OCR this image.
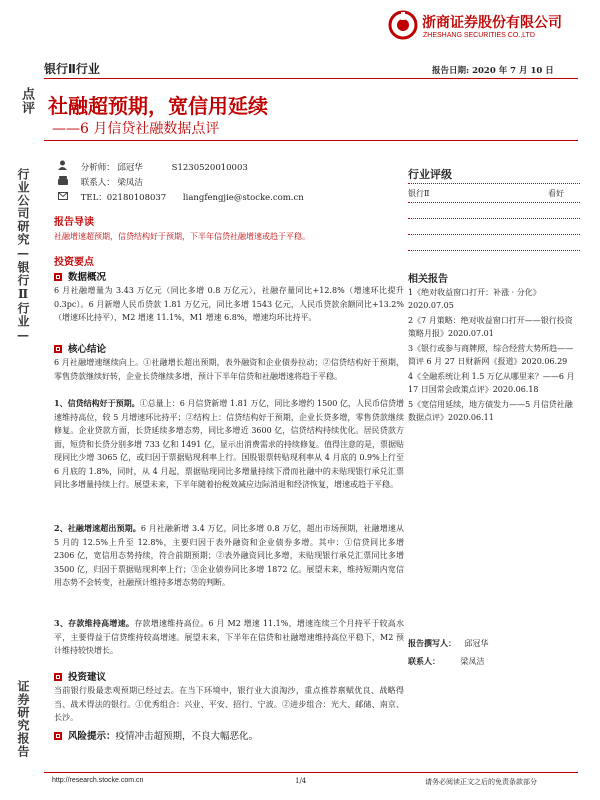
浙商证券股份有限公司
ZHESHANG SECURITIES CO.,LTD
银行Ⅱ行业	报告日期: 2020 年 7 月 10 日
点评 社融超预期，宽信用延续
——6 月信贷社融数据点评
行业公司研究—银行Ⅱ行业—
证券研究报告
分析师： 邱冠华	S1230520010003
联系人： 梁凤洁
TEL：02180108037 liangfengjie@stocke.com.cn
报告导读
社融增速超预期，信贷结构好于预期，下半年信贷社融增速或趋于平稳。
投资要点
数据概况
6 月社融增量为 3.43 万亿元（同比多增 0.8 万亿元），社融存量同比+12.8%（增速环比提升 0.3pc）。6 月新增人民币贷款 1.81 万亿元，同比多增 1543 亿元，人民币贷款余额同比+13.2%（增速环比持平），M2 增速 11.1%，M1 增速 6.8%，增速均环比持平。
核心结论
6 月社融增速继续向上。①社融增长超出预期，表外融资和企业债券拉动；②信贷结构好于预期，零售贷款继续好转，企业长贷继续多增，预计下半年信贷和社融增速将趋于平稳。
1、信贷结构好于预期。①总量上：6 月信贷新增 1.81 万亿，同比多增约 1500 亿，人民币信贷增速维持高位，较 5 月增速环比持平；②结构上：信贷结构好于预期，企业长贷多增，零售贷款继续修复。企业贷款方面，长贷延续多增态势，同比多增近 3600 亿，信贷结构持续优化。居民贷款方面，短贷和长贷分别多增 733 亿和 1491 亿，显示出消费需求的持续修复。值得注意的是，票据贴现同比少增 3065 亿，或归因于票据贴现利率上行。国股银票转贴现利率从 4 月底的 0.9%上行至 6 月底的 1.8%，同时，从 4 月起，票据贴现同比多增量持续下滑而社融中的未贴现银行承兑汇票同比多增量持续上行。展望未来，下半年随着抬税效减应边际消退和经济恢复，增速或趋于平稳。
2、社融增速超出预期。6 月社融新增 3.4 万亿，同比多增 0.8 万亿，超出市场预期，社融增速从 5 月的 12.5%上升至 12.8%，主要归因于表外融资和企业债券多增。其中：①信贷同比多增 2306 亿，宽信用态势持续，符合前期预期；②表外融资同比多增，未贴现银行承兑汇票同比多增 3500 亿，归因于票据贴现利率上行；③企业债券同比多增 1872 亿。展望未来，维持短期内宽信用态势不会转变，社融预计维持多增态势的判断。
3、存款维持高增速。存款增速维持高位。6 月 M2 增速 11.1%，增速连续三个月持平于较高水平，主要得益于信贷维持较高增速。展望未来，下半年在信贷和社融增速维持高位平稳下，M2 预计维持较快增长。
投资建议
当前银行股最悲观预期已经过去。在当下环境中，银行业大浪淘沙，重点推荐禀赋优良、战略得当、战术得法的银行。①优秀组合：兴业、平安、招行、宁波。②进步组合：光大、邮储、南京、长沙。
风险提示：疫情冲击超预期，不良大幅恶化。
行业评级
银行Ⅱ	看好
相关报告
1《绝对收益窗口打开：补涨 · 分化》2020.07.05
2《7 月策略：绝对收益窗口打开——银行投资策略月报》2020.07.01
3《银行或参与商牌照，综合经营大势所趋——简评 6 月 27 日财新网《报道》2020.06.29
4《全融系统让利 1.5 万亿从哪里来？——6 月 17 日国常会政策点评》2020.06.18
5《宽信用延续，地方债发力——5 月信贷社融数据点评》2020.06.11
报告撰写人： 邱冠华
联系人：	梁凤洁
http://research.stocke.com.cn	1/4	请务必阅读正文之后的免责条款部分
